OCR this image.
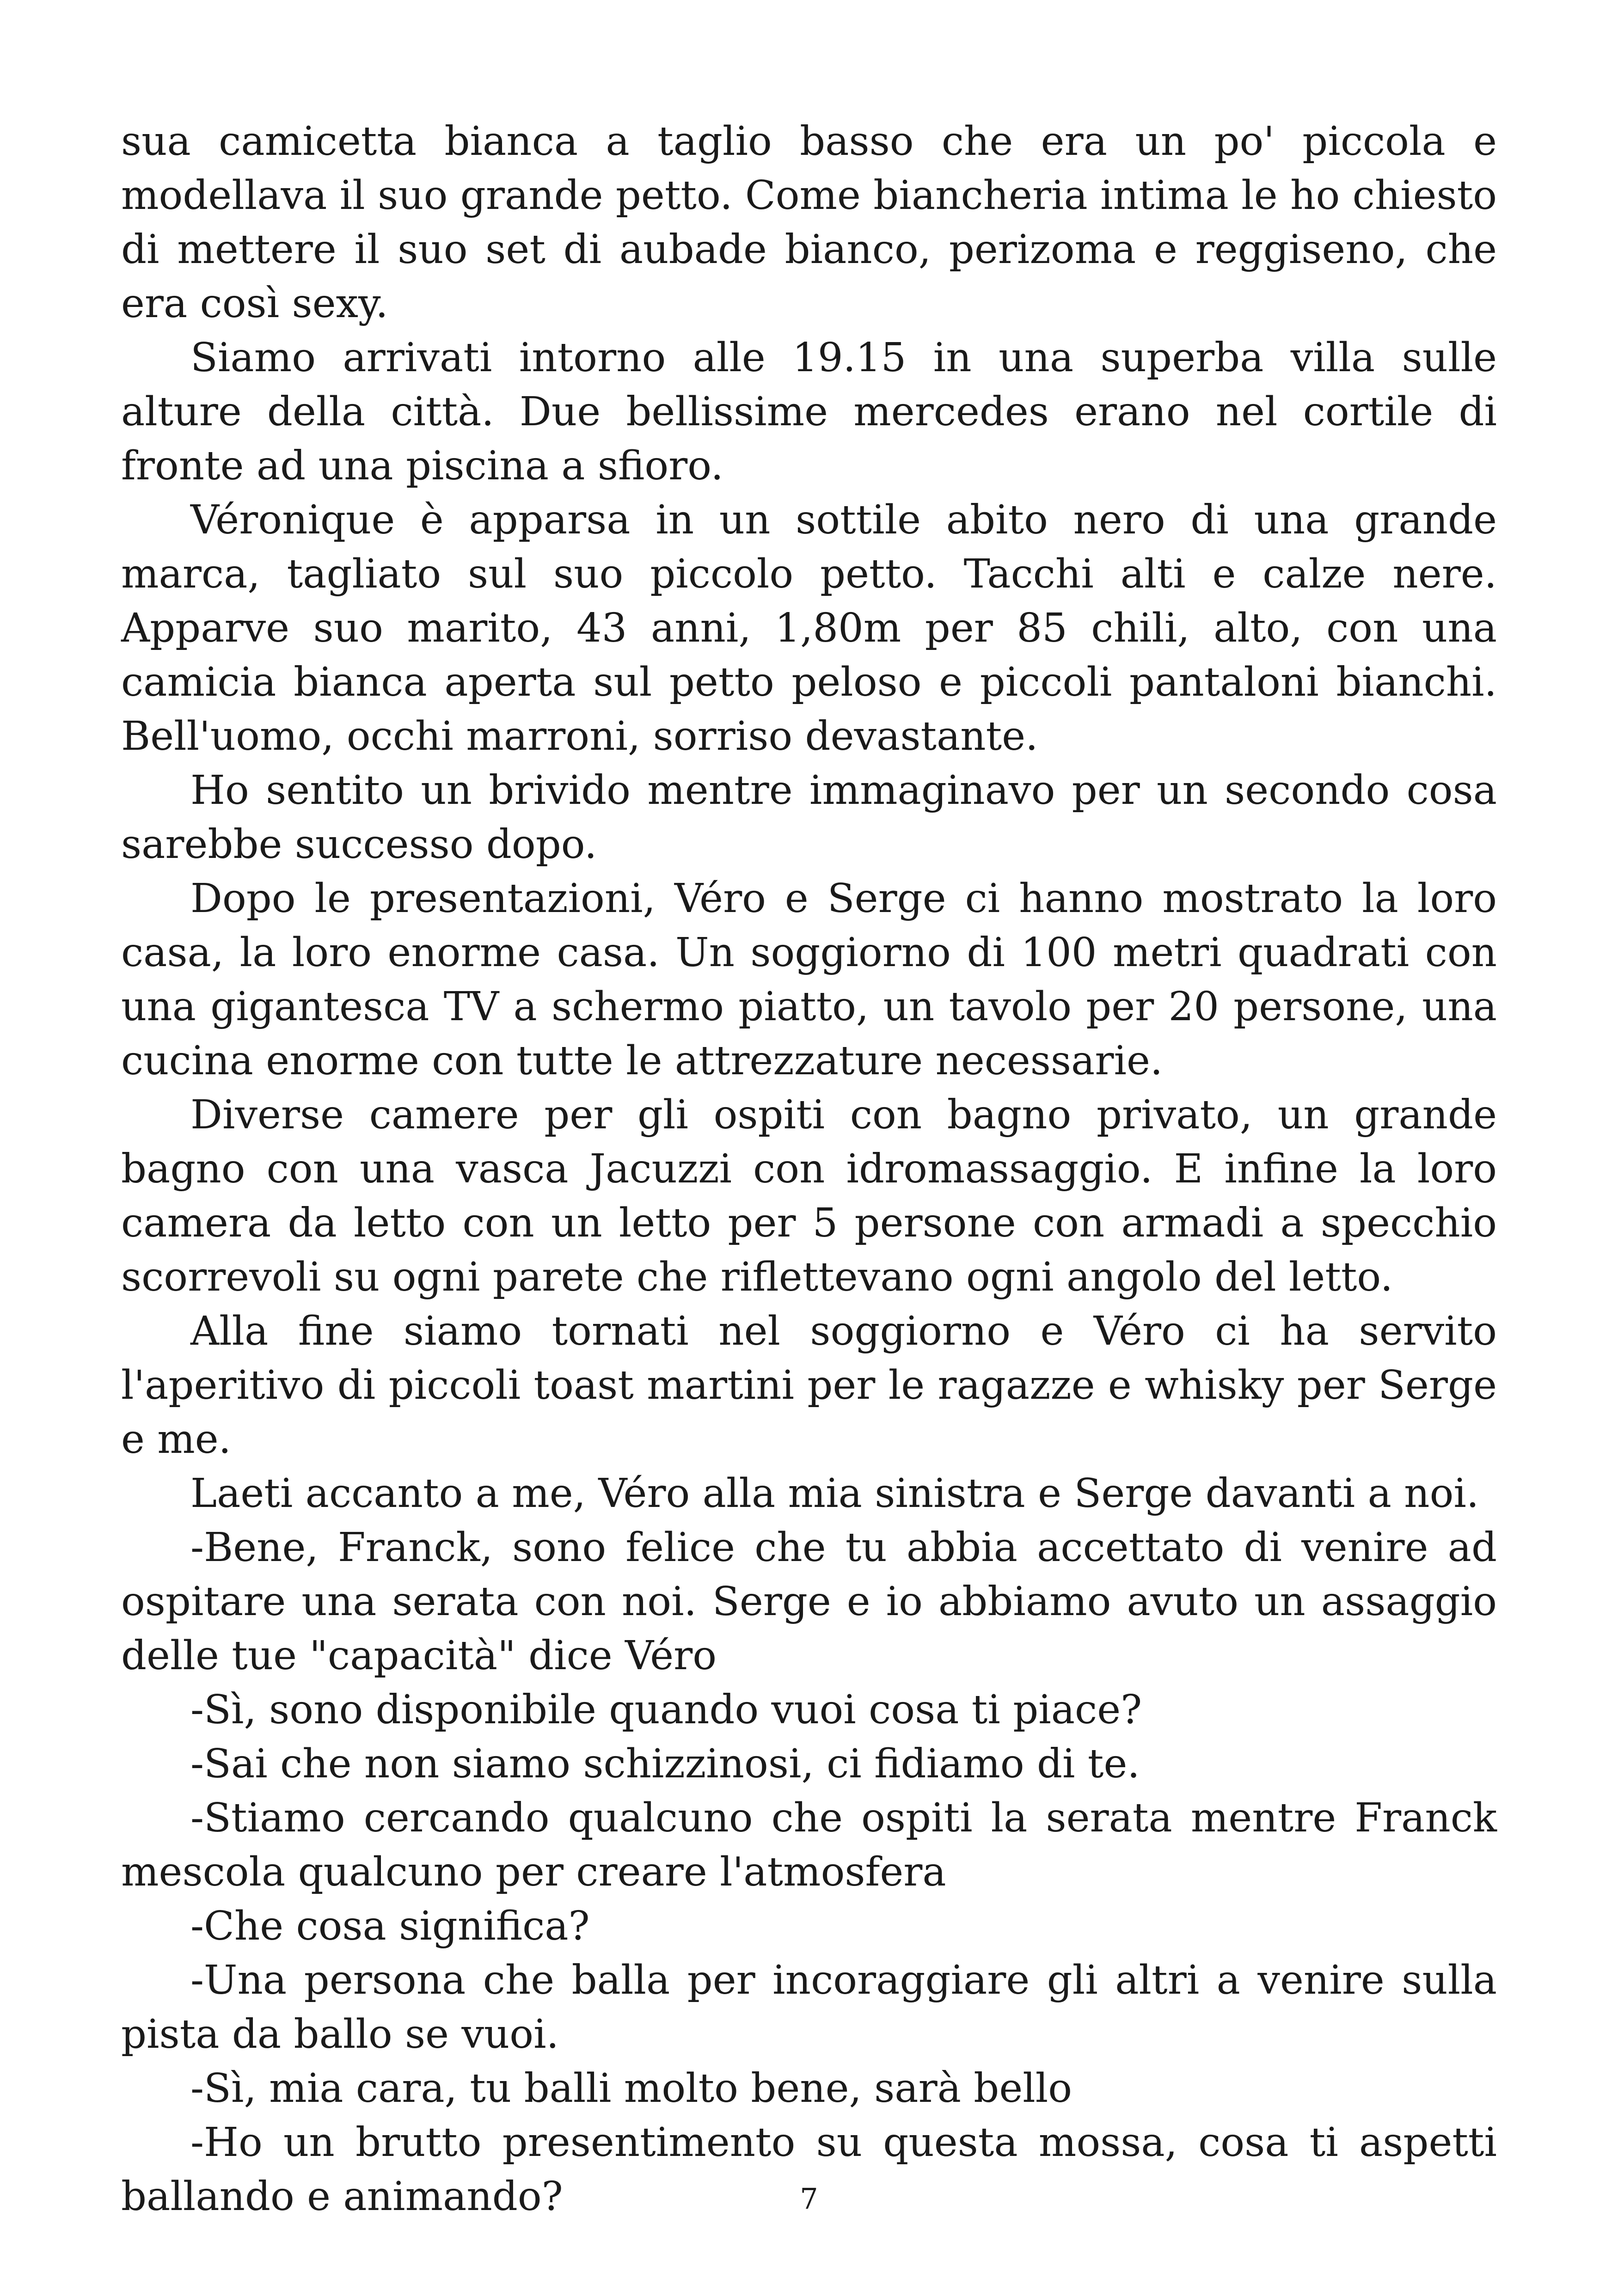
sua camicetta bianca a taglio basso che era un po' piccola e modellava il suo grande petto. Come biancheria intima le ho chiesto di mettere il suo set di aubade bianco, perizoma e reggiseno, che era così sexy.

Siamo arrivati intorno alle 19.15 in una superba villa sulle alture della città. Due bellissime mercedes erano nel cortile di fronte ad una piscina a sfioro.

Véronique è apparsa in un sottile abito nero di una grande marca, tagliato sul suo piccolo petto. Tacchi alti e calze nere. Apparve suo marito, 43 anni, 1,80m per 85 chili, alto, con una camicia bianca aperta sul petto peloso e piccoli pantaloni bianchi. Bell'uomo, occhi marroni, sorriso devastante.

Ho sentito un brivido mentre immaginavo per un secondo cosa sarebbe successo dopo.

Dopo le presentazioni, Véro e Serge ci hanno mostrato la loro casa, la loro enorme casa. Un soggiorno di 100 metri quadrati con una gigantesca TV a schermo piatto, un tavolo per 20 persone, una cucina enorme con tutte le attrezzature necessarie.

Diverse camere per gli ospiti con bagno privato, un grande bagno con una vasca Jacuzzi con idromassaggio. E infine la loro camera da letto con un letto per 5 persone con armadi a specchio scorrevoli su ogni parete che riflettevano ogni angolo del letto.

Alla fine siamo tornati nel soggiorno e Véro ci ha servito l'aperitivo di piccoli toast martini per le ragazze e whisky per Serge e me.

Laeti accanto a me, Véro alla mia sinistra e Serge davanti a noi.

-Bene, Franck, sono felice che tu abbia accettato di venire ad ospitare una serata con noi. Serge e io abbiamo avuto un assaggio delle tue "capacità" dice Véro

-Sì, sono disponibile quando vuoi cosa ti piace?

-Sai che non siamo schizzinosi, ci fidiamo di te.

-Stiamo cercando qualcuno che ospiti la serata mentre Franck mescola qualcuno per creare l'atmosfera

-Che cosa significa?

-Una persona che balla per incoraggiare gli altri a venire sulla pista da ballo se vuoi.

-Sì, mia cara, tu balli molto bene, sarà bello

-Ho un brutto presentimento su questa mossa, cosa ti aspetti ballando e animando?	7
